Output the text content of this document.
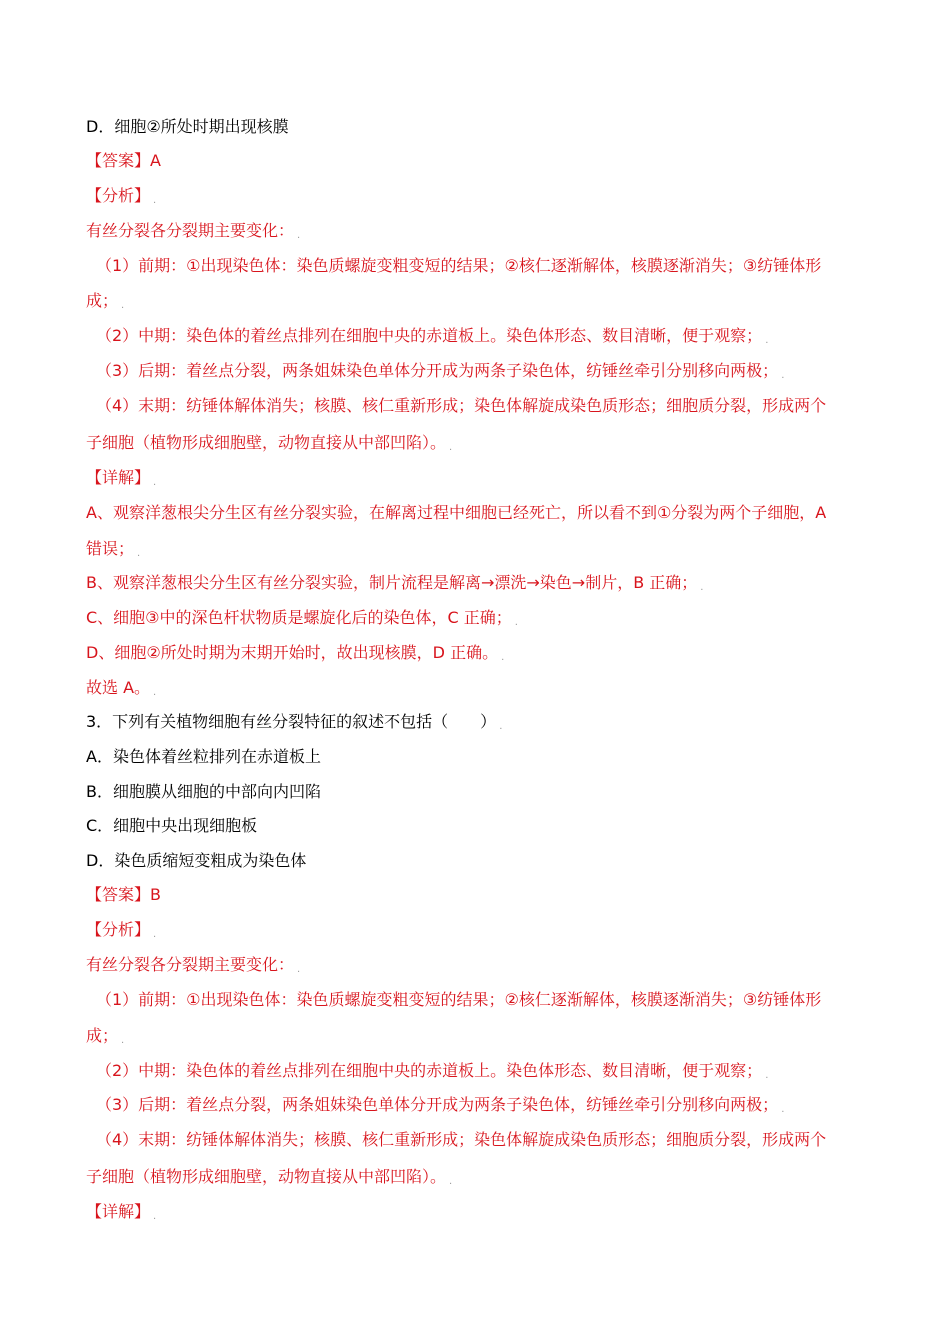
D．细胞②所处时期出现核膜
【答案】A
【分析】 .
有丝分裂各分裂期主要变化： .
（1）前期：①出现染色体：染色质螺旋变粗变短的结果；②核仁逐渐解体，核膜逐渐消失；③纺锤体形
成； .
（2）中期：染色体的着丝点排列在细胞中央的赤道板上。染色体形态、数目清晰，便于观察； .
（3）后期：着丝点分裂，两条姐妹染色单体分开成为两条子染色体，纺锤丝牵引分别移向两极； .
（4）末期：纺锤体解体消失；核膜、核仁重新形成；染色体解旋成染色质形态；细胞质分裂，形成两个
子细胞（植物形成细胞壁，动物直接从中部凹陷）。 .
【详解】 .
A、观察洋葱根尖分生区有丝分裂实验，在解离过程中细胞已经死亡，所以看不到①分裂为两个子细胞，A
错误； .
B、观察洋葱根尖分生区有丝分裂实验，制片流程是解离→漂洗→染色→制片，B 正确； .
C、细胞③中的深色杆状物质是螺旋化后的染色体，C 正确； .
D、细胞②所处时期为末期开始时，故出现核膜，D 正确。 .
故选 A。 .
3．下列有关植物细胞有丝分裂特征的叙述不包括（　　） .
A．染色体着丝粒排列在赤道板上
B．细胞膜从细胞的中部向内凹陷
C．细胞中央出现细胞板
D．染色质缩短变粗成为染色体
【答案】B
【分析】 .
有丝分裂各分裂期主要变化： .
（1）前期：①出现染色体：染色质螺旋变粗变短的结果；②核仁逐渐解体，核膜逐渐消失；③纺锤体形
成； .
（2）中期：染色体的着丝点排列在细胞中央的赤道板上。染色体形态、数目清晰，便于观察； .
（3）后期：着丝点分裂，两条姐妹染色单体分开成为两条子染色体，纺锤丝牵引分别移向两极； .
（4）末期：纺锤体解体消失；核膜、核仁重新形成；染色体解旋成染色质形态；细胞质分裂，形成两个
子细胞（植物形成细胞壁，动物直接从中部凹陷）。 .
【详解】 .
